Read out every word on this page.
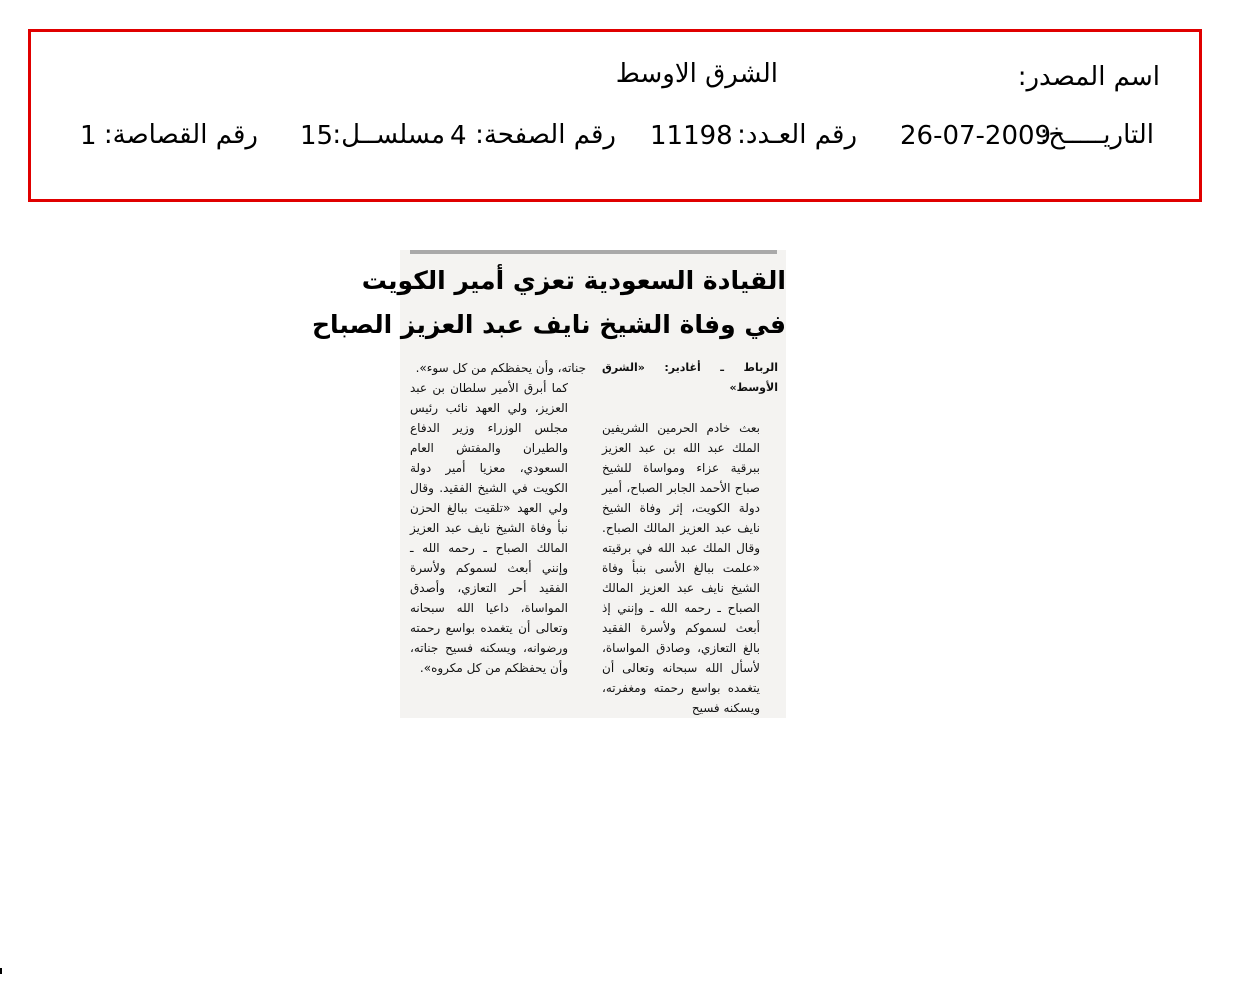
اسم المصدر:
الشرق الاوسط
التاريـــــخ:
26-07-2009
رقم العـدد:
11198
رقم الصفحة:
4
مسلســل:
15
رقم القصاصة:
1
القيادة السعودية تعزي أمير الكويت
في وفاة الشيخ نايف عبد العزيز الصباح

الرباط ـ أغادير: «الشرق الأوسط»

بعث خادم الحرمين الشريفين الملك عبد الله بن عبد العزيز ببرقية عزاء ومواساة للشيخ صباح الأحمد الجابر الصباح، أمير دولة الكويت، إثر وفاة الشيخ نايف عبد العزيز المالك الصباح. وقال الملك عبد الله في برقيته «علمت ببالغ الأسى بنبأ وفاة الشيخ نايف عبد العزيز المالك الصباح ـ رحمه الله ـ وإنني إذ أبعث لسموكم ولأسرة الفقيد بالغ التعازي، وصادق المواساة، لأسأل الله سبحانه وتعالى أن يتغمده بواسع رحمته ومغفرته، ويسكنه فسيح

جناته، وأن يحفظكم من كل سوء».

كما أبرق الأمير سلطان بن عبد العزيز، ولي العهد نائب رئيس مجلس الوزراء وزير الدفاع والطيران والمفتش العام السعودي، معزيا أمير دولة الكويت في الشيخ الفقيد. وقال ولي العهد «تلقيت ببالغ الحزن نبأ وفاة الشيخ نايف عبد العزيز المالك الصباح ـ رحمه الله ـ وإنني أبعث لسموكم ولأسرة الفقيد أحر التعازي، وأصدق المواساة، داعيا الله سبحانه وتعالى أن يتغمده بواسع رحمته ورضوانه، ويسكنه فسيح جناته، وأن يحفظكم من كل مكروه».
